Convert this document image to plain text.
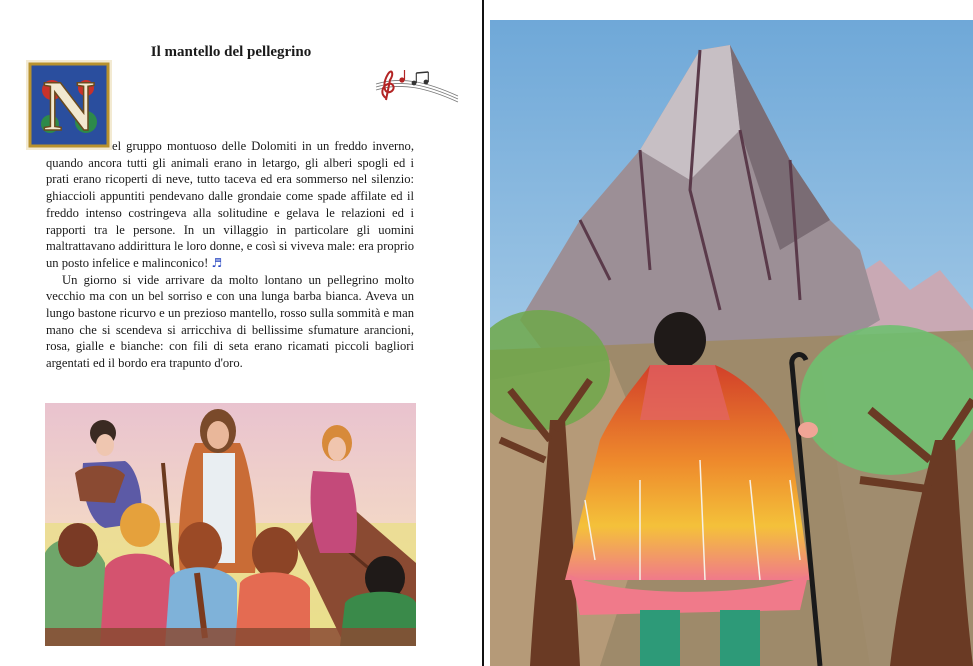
Il mantello del pellegrino
N	el gruppo montuoso delle Dolomiti in un freddo inverno, quando ancora tutti gli animali erano in letargo, gli alberi spogli ed i prati erano ricoperti di neve, tutto taceva ed era sommerso nel silenzio: ghiaccioli appuntiti pendevano dalle grondaie come spade affilate ed il freddo intenso costringeva alla solitudine e gelava le relazioni ed i rapporti tra le persone. In un villaggio in particolare gli uomini maltrattavano addirittura le loro donne, e così si viveva male: era proprio un posto infelice e malinconico! ♬

Un giorno si vide arrivare da molto lontano un pellegrino molto vecchio ma con un bel sorriso e con una lunga barba bianca. Aveva un lungo bastone ricurvo e un prezioso mantello, rosso sulla sommità e man mano che si scendeva si arricchiva di bellissime sfumature arancioni, rosa, gialle e bianche: con fili di seta erano ricamati piccoli bagliori argentati ed il bordo era trapunto d'oro.
